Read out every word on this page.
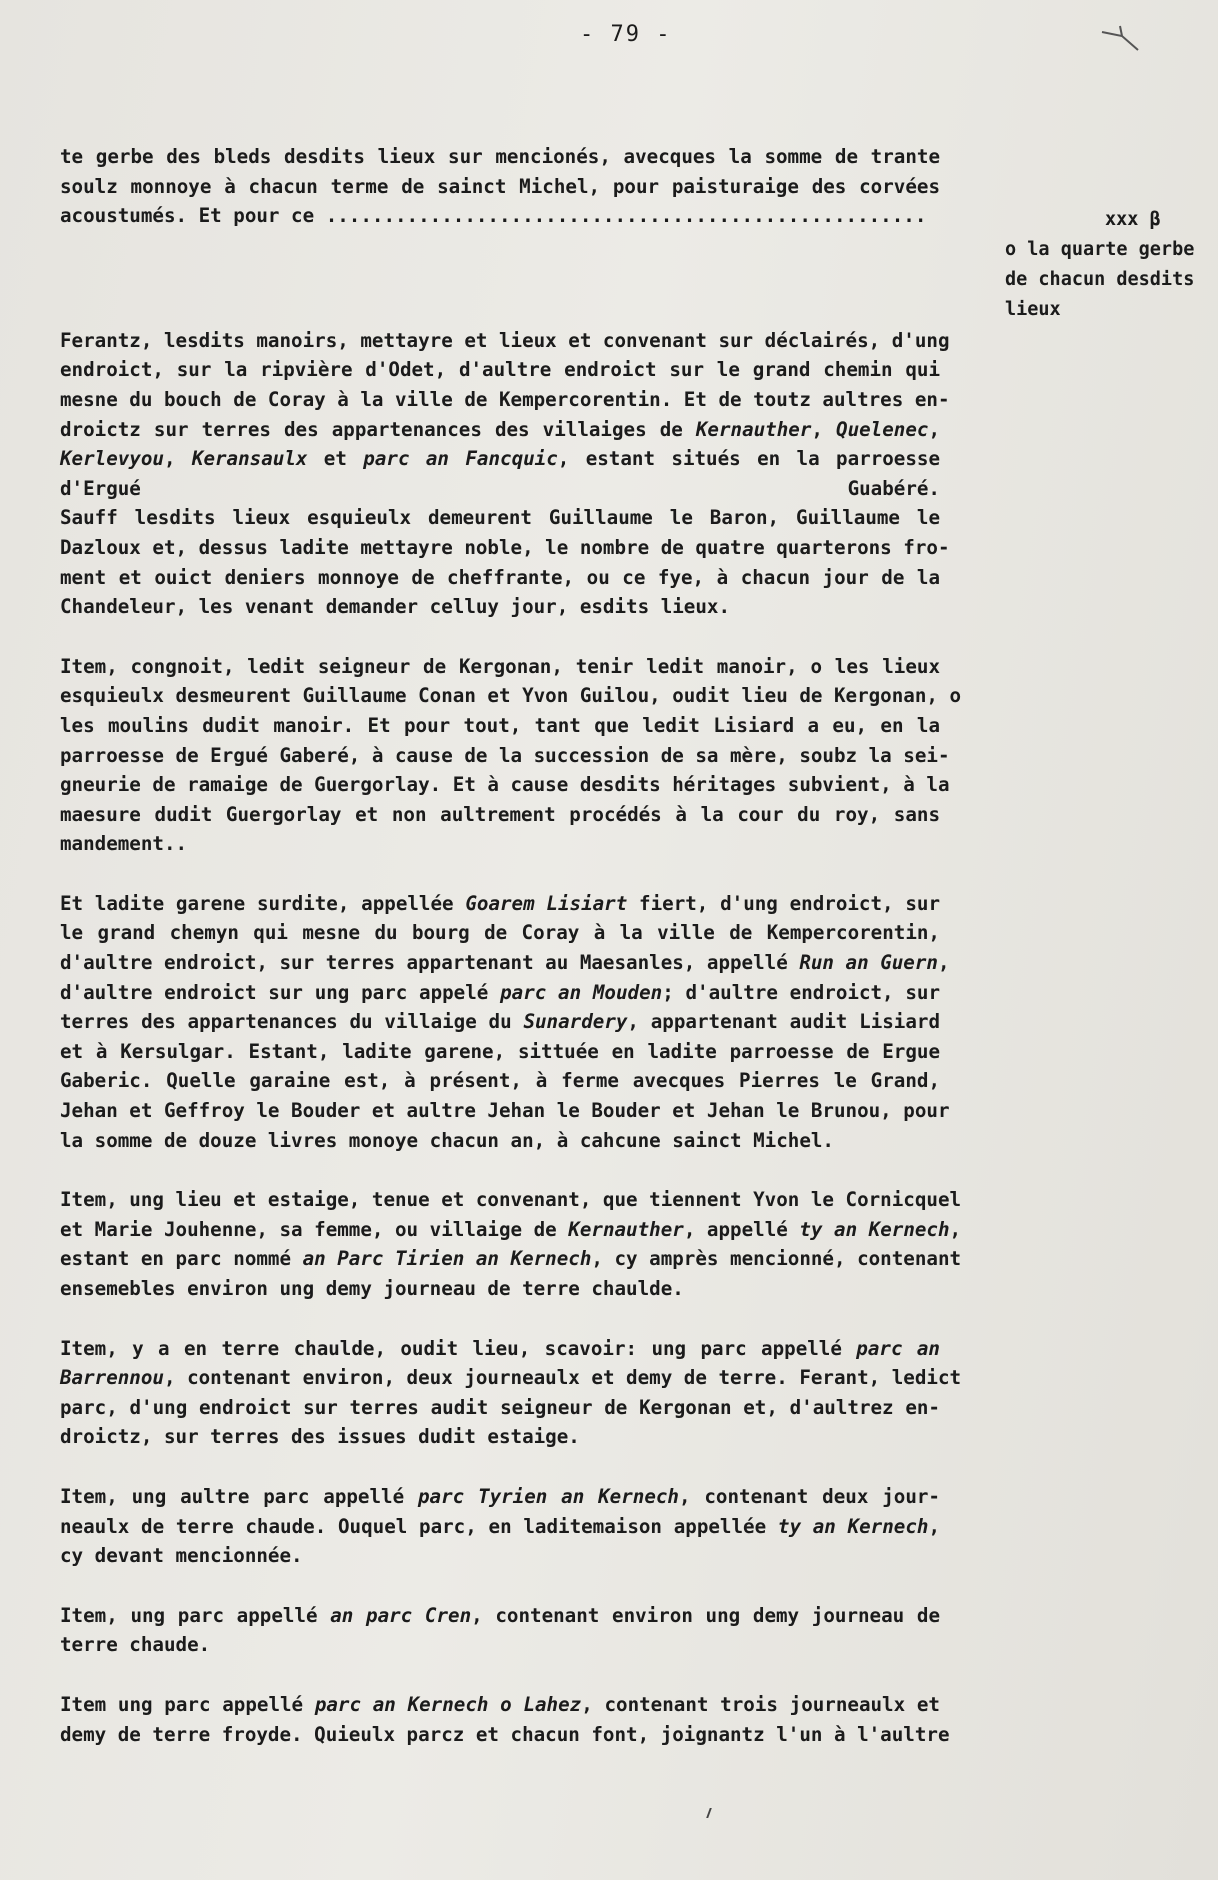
- 79 -

te gerbe des bleds desdits lieux sur mencionés, avecques la somme de trante
soulz monnoye à chacun terme de sainct Michel, pour paisturaige des corvées
acoustumés. Et pour ce ....................................................

Ferantz, lesdits manoirs, mettayre et lieux et convenant sur déclairés, d'ung
endroict, sur la ripvière d'Odet, d'aultre endroict sur le grand chemin qui
mesne du bouch de Coray à la ville de Kempercorentin. Et de toutz aultres en-
droictz sur terres des appartenances des villaiges de Kernauther, Quelenec,
Kerlevyou, Keransaulx et parc an Fancquic, estant situés en la parroesse
d'Ergué Guabéré.
Sauff lesdits lieux esquieulx demeurent Guillaume le Baron, Guillaume le
Dazloux et, dessus ladite mettayre noble, le nombre de quatre quarterons fro-
ment et ouict deniers monnoye de cheffrante, ou ce fye, à chacun jour de la
Chandeleur, les venant demander celluy jour, esdits lieux.

Item, congnoit, ledit seigneur de Kergonan, tenir ledit manoir, o les lieux
esquieulx desmeurent Guillaume Conan et Yvon Guilou, oudit lieu de Kergonan, o
les moulins dudit manoir. Et pour tout, tant que ledit Lisiard a eu, en la
parroesse de Ergué Gaberé, à cause de la succession de sa mère, soubz la sei-
gneurie de ramaige de Guergorlay. Et à cause desdits héritages subvient, à la
maesure dudit Guergorlay et non aultrement procédés à la cour du roy, sans
mandement..

Et ladite garene surdite, appellée Goarem Lisiart fiert, d'ung endroict, sur
le grand chemyn qui mesne du bourg de Coray à la ville de Kempercorentin,
d'aultre endroict, sur terres appartenant au Maesanles, appellé Run an Guern,
d'aultre endroict sur ung parc appelé parc an Mouden; d'aultre endroict, sur
terres des appartenances du villaige du Sunardery, appartenant audit Lisiard
et à Kersulgar. Estant, ladite garene, sittuée en ladite parroesse de Ergue
Gaberic. Quelle garaine est, à présent, à ferme avecques Pierres le Grand,
Jehan et Geffroy le Bouder et aultre Jehan le Bouder et Jehan le Brunou, pour
la somme de douze livres monoye chacun an, à cahcune sainct Michel.

Item, ung lieu et estaige, tenue et convenant, que tiennent Yvon le Cornicquel
et Marie Jouhenne, sa femme, ou villaige de Kernauther, appellé ty an Kernech,
estant en parc nommé an Parc Tirien an Kernech, cy amprès mencionné, contenant
ensemebles environ ung demy journeau de terre chaulde.

Item, y a en terre chaulde, oudit lieu, scavoir: ung parc appellé parc an
Barrennou, contenant environ, deux journeaulx et demy de terre. Ferant, ledict
parc, d'ung endroict sur terres audit seigneur de Kergonan et, d'aultrez en-
droictz, sur terres des issues dudit estaige.

Item, ung aultre parc appellé parc Tyrien an Kernech, contenant deux jour-
neaulx de terre chaude. Ouquel parc, en laditemaison appellée ty an Kernech,
cy devant mencionnée.

Item, ung parc appellé an parc Cren, contenant environ ung demy journeau de
terre chaude.

Item ung parc appellé parc an Kernech o Lahez, contenant trois journeaulx et
demy de terre froyde. Quieulx parcz et chacun font, joignantz l'un à l'aultre

xxx β
o la quarte gerbe
de chacun desdits
lieux
